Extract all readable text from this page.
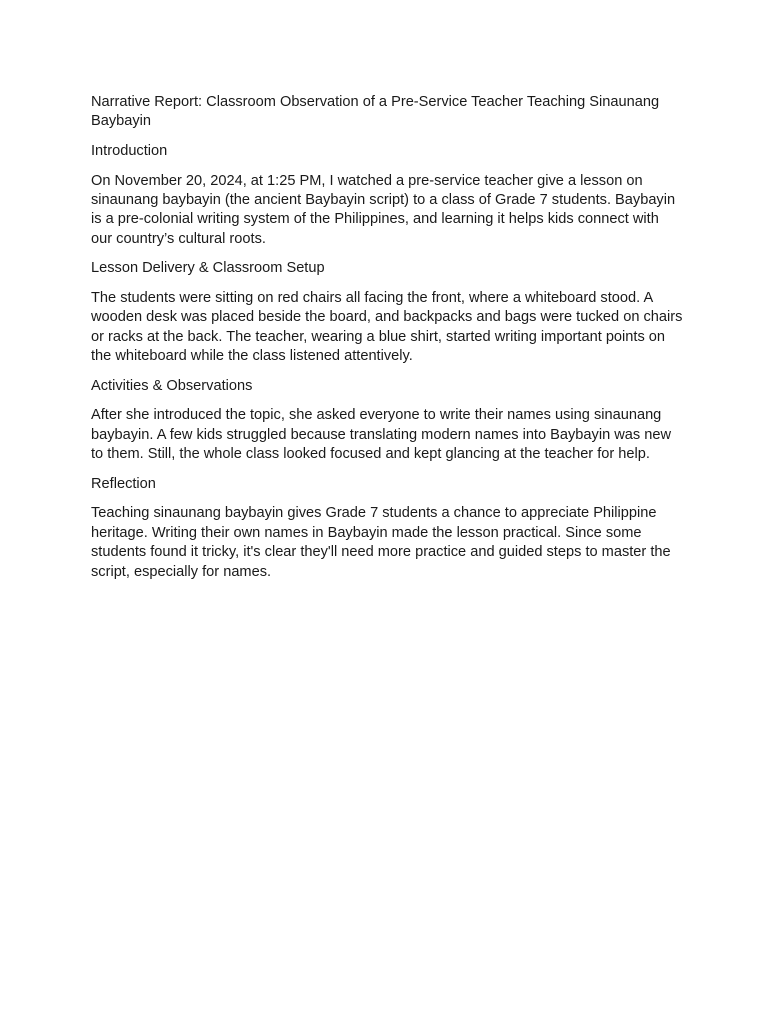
Narrative Report: Classroom Observation of a Pre-Service Teacher Teaching Sinaunang Baybayin

Introduction

On November 20, 2024, at 1:25 PM, I watched a pre-service teacher give a lesson on sinaunang baybayin (the ancient Baybayin script) to a class of Grade 7 students. Baybayin is a pre-colonial writing system of the Philippines, and learning it helps kids connect with our country’s cultural roots.

Lesson Delivery & Classroom Setup

The students were sitting on red chairs all facing the front, where a whiteboard stood. A wooden desk was placed beside the board, and backpacks and bags were tucked on chairs or racks at the back. The teacher, wearing a blue shirt, started writing important points on the whiteboard while the class listened attentively.

Activities & Observations

After she introduced the topic, she asked everyone to write their names using sinaunang baybayin. A few kids struggled because translating modern names into Baybayin was new to them. Still, the whole class looked focused and kept glancing at the teacher for help.

Reflection

Teaching sinaunang baybayin gives Grade 7 students a chance to appreciate Philippine heritage. Writing their own names in Baybayin made the lesson practical. Since some students found it tricky, it's clear they'll need more practice and guided steps to master the script, especially for names.
